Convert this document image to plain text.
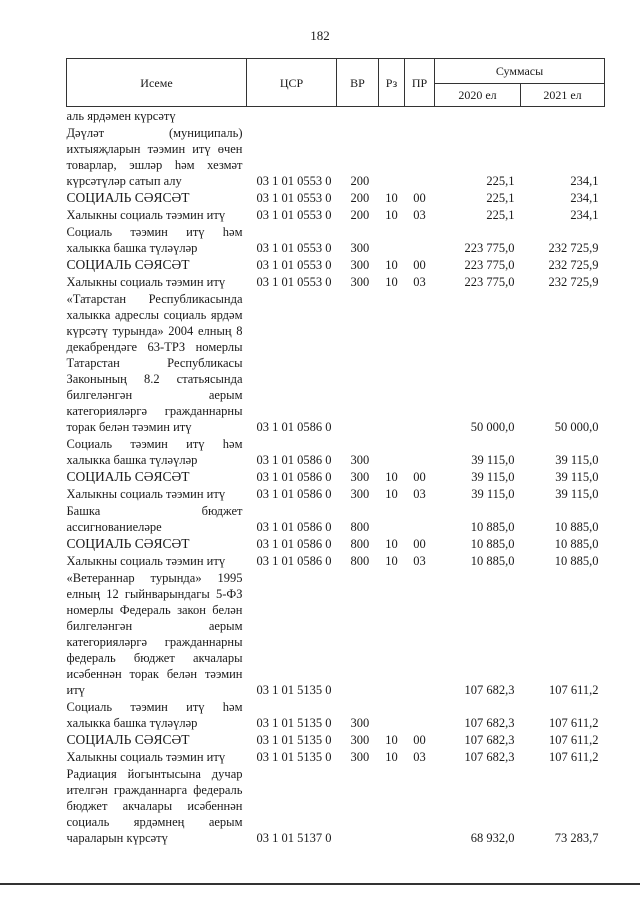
182
Исеме	ЦСР	ВР	Рз	ПР	Суммасы	
					2020 ел	2021 ел

аль ярдәмен күрсәтү						

Дәүләт (муниципаль) ихтыяҗларын тәэмин итү өчен товарлар, эшләр һәм хезмәт күрсәтүләр сатып алу	03 1 01 0553 0	200			225,1	234,1

СОЦИАЛЬ СӘЯСӘТ	03 1 01 0553 0	200	10	00	225,1	234,1

Халыкны социаль тәэмин итү	03 1 01 0553 0	200	10	03	225,1	234,1

Социаль тәэмин итү һәм халыкка башка түләүләр	03 1 01 0553 0	300			223 775,0	232 725,9

СОЦИАЛЬ СӘЯСӘТ	03 1 01 0553 0	300	10	00	223 775,0	232 725,9

Халыкны социаль тәэмин итү	03 1 01 0553 0	300	10	03	223 775,0	232 725,9

«Татарстан Республикасында халыкка адреслы социаль ярдәм күрсәтү турында» 2004 елның 8 декабрендәге 63-ТРЗ номерлы Татарстан Республикасы Законының 8.2 статьясында билгеләнгән аерым категорияләргә гражданнарны торак белән тәэмин итү	03 1 01 0586 0				50 000,0	50 000,0

Социаль тәэмин итү һәм халыкка башка түләүләр	03 1 01 0586 0	300			39 115,0	39 115,0

СОЦИАЛЬ СӘЯСӘТ	03 1 01 0586 0	300	10	00	39 115,0	39 115,0

Халыкны социаль тәэмин итү	03 1 01 0586 0	300	10	03	39 115,0	39 115,0

Башка бюджет ассигнованиеләре	03 1 01 0586 0	800			10 885,0	10 885,0

СОЦИАЛЬ СӘЯСӘТ	03 1 01 0586 0	800	10	00	10 885,0	10 885,0

Халыкны социаль тәэмин итү	03 1 01 0586 0	800	10	03	10 885,0	10 885,0

«Ветераннар турында» 1995 елның 12 гыйнварындагы 5-ФЗ номерлы Федераль закон белән билгеләнгән аерым категорияләргә гражданнарны федераль бюджет акчалары исәбеннән торак белән тәэмин итү	03 1 01 5135 0				107 682,3	107 611,2

Социаль тәэмин итү һәм халыкка башка түләүләр	03 1 01 5135 0	300			107 682,3	107 611,2

СОЦИАЛЬ СӘЯСӘТ	03 1 01 5135 0	300	10	00	107 682,3	107 611,2

Халыкны социаль тәэмин итү	03 1 01 5135 0	300	10	03	107 682,3	107 611,2

Радиация йогынтысына дучар ителгән гражданнарга федераль бюджет акчалары исәбеннән социаль ярдәмнең аерым чараларын күрсәтү	03 1 01 5137 0				68 932,0	73 283,7
